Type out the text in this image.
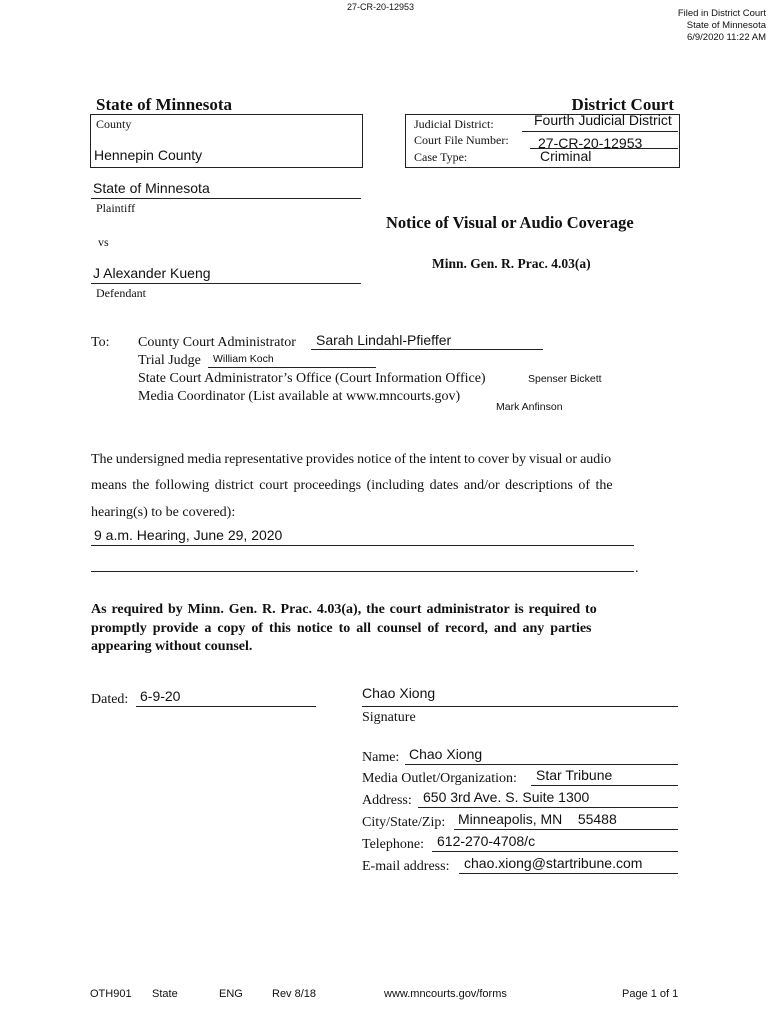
27-CR-20-12953
Filed in District Court
State of Minnesota
6/9/2020 11:22 AM
State of Minnesota	District Court
County
Hennepin County
Judicial District:	Fourth Judicial District
Court File Number: 27-CR-20-12953
Case Type:	Criminal
State of Minnesota
Plaintiff
vs
J Alexander Kueng
Defendant
Notice of Visual or Audio Coverage
Minn. Gen. R. Prac. 4.03(a)
To: County Court Administrator Sarah Lindahl-Pfieffer
Trial Judge William Koch
State Court Administrator’s Office (Court Information Office)	Spenser Bickett
Media Coordinator (List available at www.mncourts.gov)
Mark Anfinson
The undersigned media representative provides notice of the intent to cover by visual or audio
means the following district court proceedings (including dates and/or descriptions of the
hearing(s) to be covered):
9 a.m. Hearing, June 29, 2020
.
As required by Minn. Gen. R. Prac. 4.03(a), the court administrator is required to
promptly provide a copy of this notice to all counsel of record, and any parties
appearing without counsel.
Dated: 6-9-20	Chao Xiong
Signature
Name: Chao Xiong
Media Outlet/Organization: Star Tribune
Address: 650 3rd Ave. S. Suite 1300
City/State/Zip: Minneapolis, MN    55488
Telephone: 612-270-4708/c
E-mail address: chao.xiong@startribune.com
OTH901 State	ENG	Rev 8/18	www.mncourts.gov/forms	Page 1 of 1
